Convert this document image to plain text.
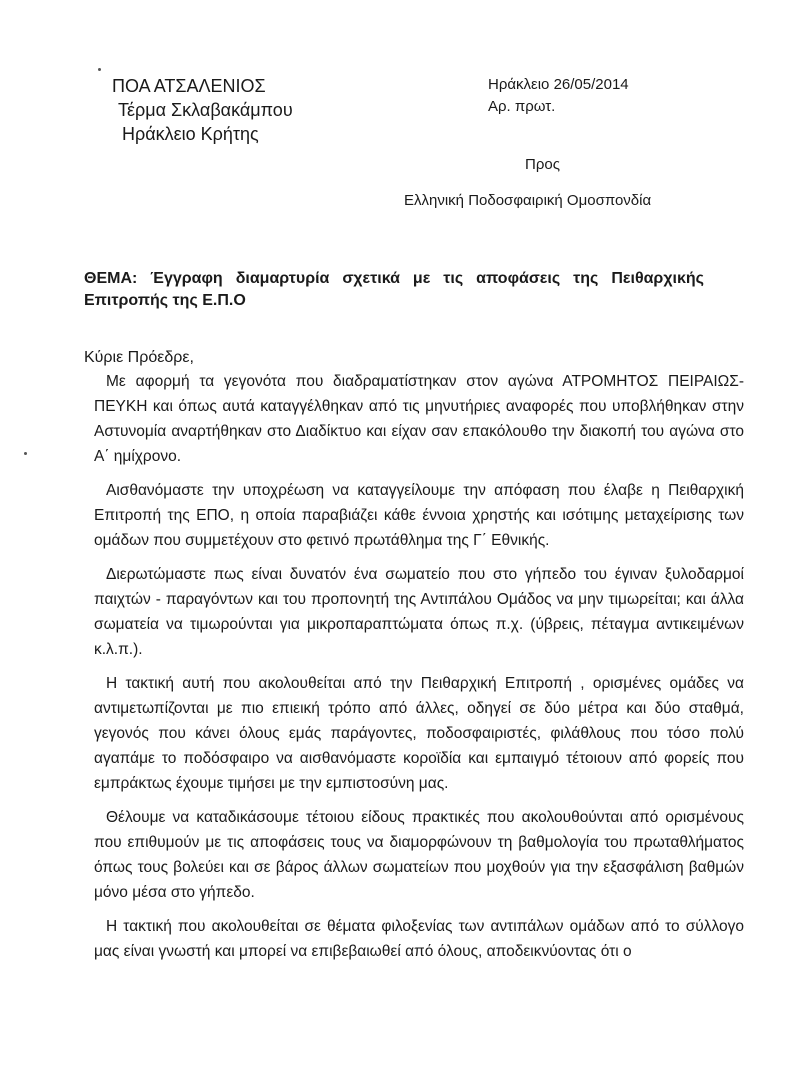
ΠΟΑ ΑΤΣΑΛΕΝΙΟΣ
Τέρμα Σκλαβακάμπου
Ηράκλειο Κρήτης
Ηράκλειο 26/05/2014
Αρ. πρωτ.
Προς
Ελληνική Ποδοσφαιρική Ομοσπονδία
ΘΕΜΑ: Έγγραφη διαμαρτυρία σχετικά με τις αποφάσεις της Πειθαρχικής Επιτροπής της Ε.Π.Ο
Κύριε Πρόεδρε,

Με αφορμή τα γεγονότα που διαδραματίστηκαν στον αγώνα ΑΤΡΟΜΗΤΟΣ ΠΕΙΡΑΙΩΣ-ΠΕΥΚΗ και όπως αυτά καταγγέλθηκαν από τις μηνυτήριες αναφορές που υποβλήθηκαν στην Αστυνομία αναρτήθηκαν στο Διαδίκτυο και είχαν σαν επακόλουθο την διακοπή του αγώνα στο Α΄ ημίχρονο.

Αισθανόμαστε την υποχρέωση να καταγγείλουμε την απόφαση που έλαβε η Πειθαρχική Επιτροπή της ΕΠΟ, η οποία παραβιάζει κάθε έννοια χρηστής και ισότιμης μεταχείρισης των ομάδων που συμμετέχουν στο φετινό πρωτάθλημα της Γ΄ Εθνικής.

Διερωτώμαστε πως είναι δυνατόν ένα σωματείο που στο γήπεδο του έγιναν ξυλοδαρμοί παιχτών - παραγόντων και του προπονητή της Αντιπάλου Ομάδος να μην τιμωρείται; και άλλα σωματεία να τιμωρούνται για μικροπαραπτώματα όπως π.χ. (ύβρεις, πέταγμα αντικειμένων κ.λ.π.).

Η τακτική αυτή που ακολουθείται από την Πειθαρχική Επιτροπή , ορισμένες ομάδες να αντιμετωπίζονται με πιο επιεική τρόπο από άλλες, οδηγεί σε δύο μέτρα και δύο σταθμά, γεγονός που κάνει όλους εμάς παράγοντες, ποδοσφαιριστές, φιλάθλους που τόσο πολύ αγαπάμε το ποδόσφαιρο να αισθανόμαστε κοροϊδία και εμπαιγμό τέτοιουν από φορείς που εμπράκτως έχουμε τιμήσει με την εμπιστοσύνη μας.

Θέλουμε να καταδικάσουμε τέτοιου είδους πρακτικές που ακολουθούνται από ορισμένους που επιθυμούν με τις αποφάσεις τους να διαμορφώνουν τη βαθμολογία του πρωταθλήματος όπως τους βολεύει και σε βάρος άλλων σωματείων που μοχθούν για την εξασφάλιση βαθμών μόνο μέσα στο γήπεδο.

Η τακτική που ακολουθείται σε θέματα φιλοξενίας των αντιπάλων ομάδων από το σύλλογο μας είναι γνωστή και μπορεί να επιβεβαιωθεί από όλους, αποδεικνύοντας ότι ο
